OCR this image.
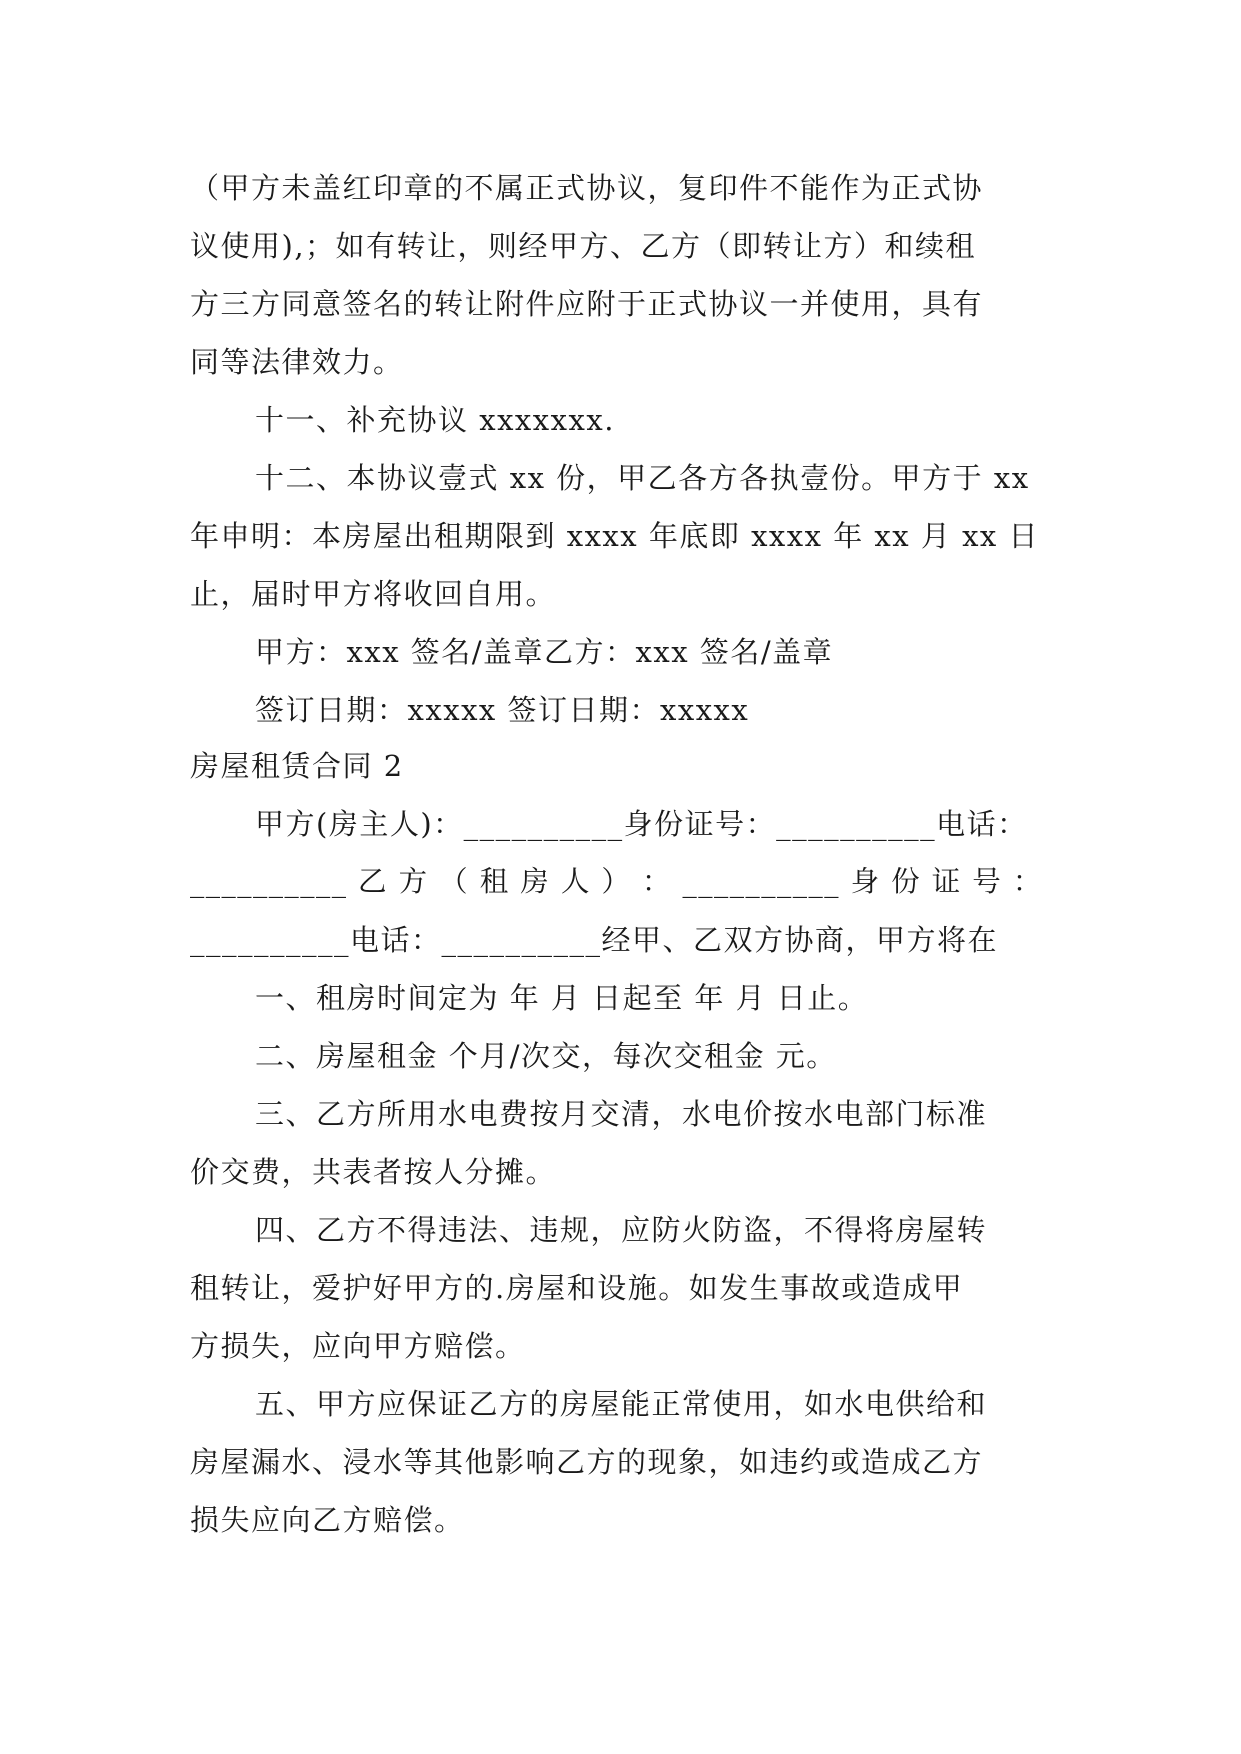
（甲方未盖红印章的不属正式协议，复印件不能作为正式协
议使用),；如有转让，则经甲方、乙方（即转让方）和续租
方三方同意签名的转让附件应附于正式协议一并使用，具有
同等法律效力。
十一、补充协议 xxxxxxx.
十二、本协议壹式 xx 份，甲乙各方各执壹份。甲方于 xx
年申明：本房屋出租期限到 xxxx 年底即 xxxx 年 xx 月 xx 日
止，届时甲方将收回自用。
甲方：xxx 签名/盖章乙方：xxx 签名/盖章
签订日期：xxxxx 签订日期：xxxxx
房屋租赁合同 2
甲方(房主人)：__________身份证号：__________电话：
__________ 乙 方 （ 租 房 人 ） ： __________ 身 份 证 号 ：
__________电话：__________经甲、乙双方协商，甲方将在
一、租房时间定为 年 月 日起至 年 月 日止。
二、房屋租金 个月/次交，每次交租金 元。
三、乙方所用水电费按月交清，水电价按水电部门标准
价交费，共表者按人分摊。
四、乙方不得违法、违规，应防火防盗，不得将房屋转
租转让，爱护好甲方的.房屋和设施。如发生事故或造成甲
方损失，应向甲方赔偿。
五、甲方应保证乙方的房屋能正常使用，如水电供给和
房屋漏水、浸水等其他影响乙方的现象，如违约或造成乙方
损失应向乙方赔偿。
